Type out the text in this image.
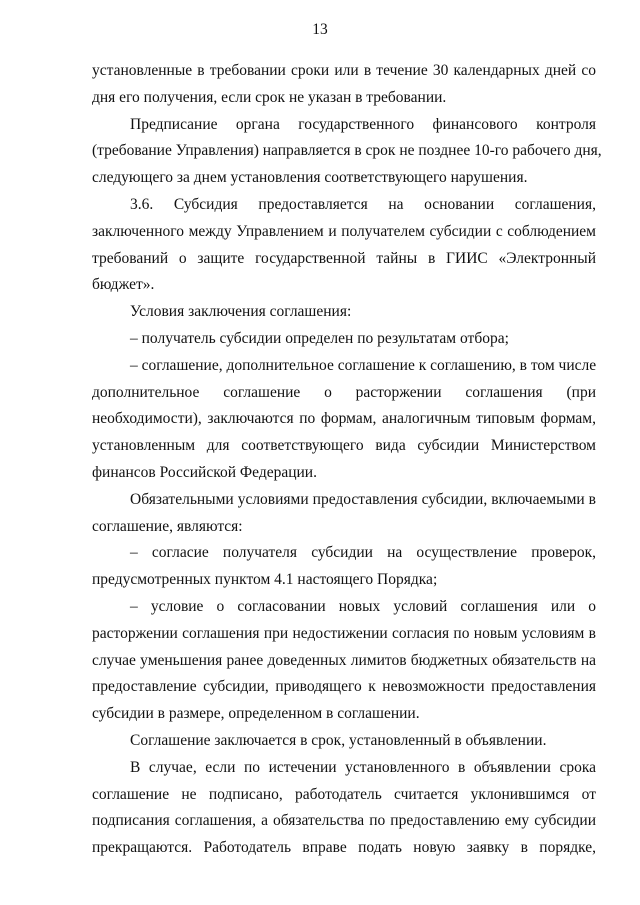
13
установленные в требовании сроки или в течение 30 календарных дней со
дня его получения, если срок не указан в требовании.
Предписание органа государственного финансового контроля
(требование Управления) направляется в срок не позднее 10-го рабочего дня,
следующего за днем установления соответствующего нарушения.
3.6. Субсидия предоставляется на основании соглашения,
заключенного между Управлением и получателем субсидии с соблюдением
требований о защите государственной тайны в ГИИС «Электронный
бюджет».
Условия заключения соглашения:
– получатель субсидии определен по результатам отбора;
– соглашение, дополнительное соглашение к соглашению, в том числе
дополнительное соглашение о расторжении соглашения (при
необходимости), заключаются по формам, аналогичным типовым формам,
установленным для соответствующего вида субсидии Министерством
финансов Российской Федерации.
Обязательными условиями предоставления субсидии, включаемыми в
соглашение, являются:
– согласие получателя субсидии на осуществление проверок,
предусмотренных пунктом 4.1 настоящего Порядка;
– условие о согласовании новых условий соглашения или о
расторжении соглашения при недостижении согласия по новым условиям в
случае уменьшения ранее доведенных лимитов бюджетных обязательств на
предоставление субсидии, приводящего к невозможности предоставления
субсидии в размере, определенном в соглашении.
Соглашение заключается в срок, установленный в объявлении.
В случае, если по истечении установленного в объявлении срока
соглашение не подписано, работодатель считается уклонившимся от
подписания соглашения, а обязательства по предоставлению ему субсидии
прекращаются. Работодатель вправе подать новую заявку в порядке,
